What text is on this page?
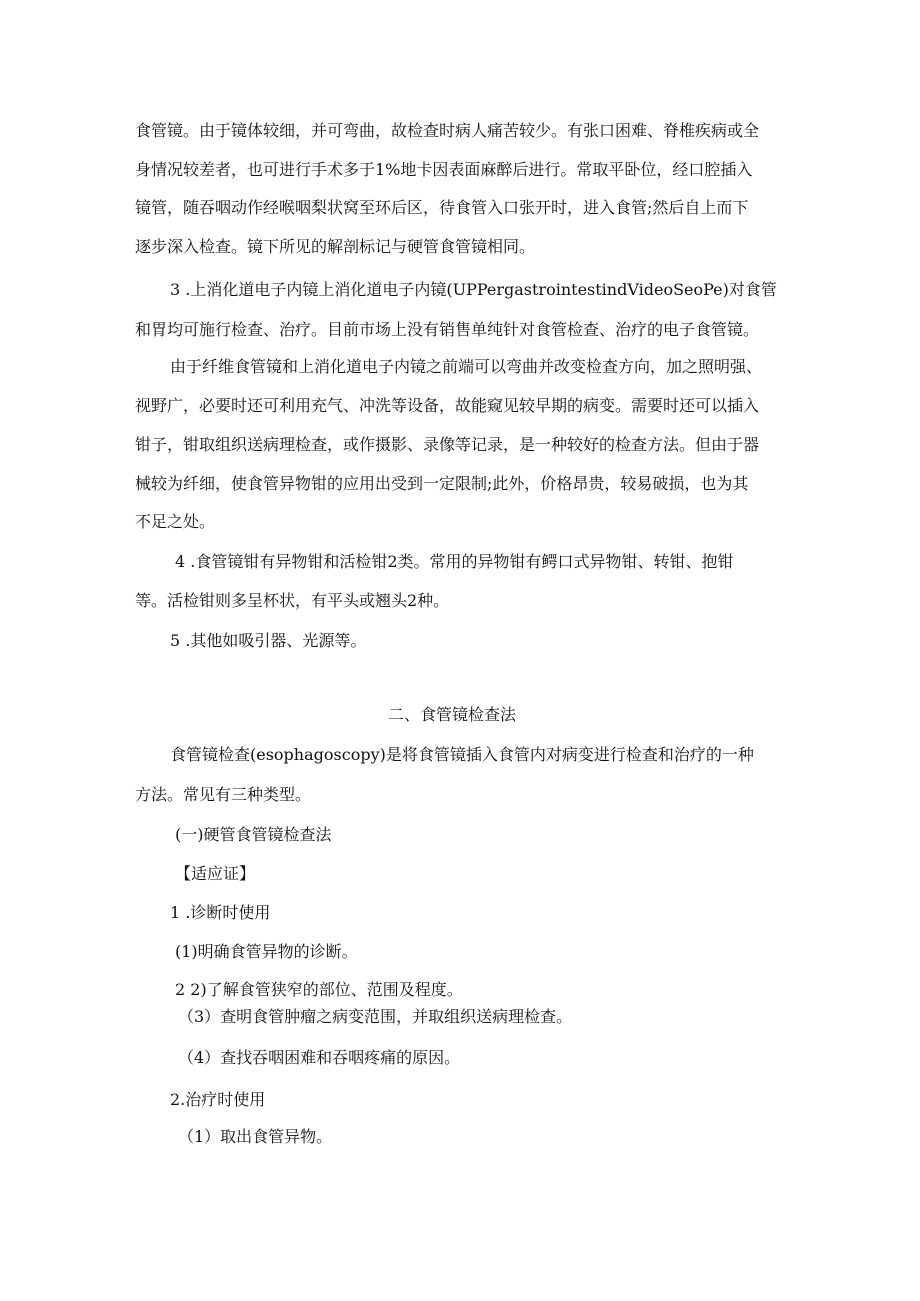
食管镜。由于镜体较细，并可弯曲，故检查时病人痛苦较少。有张口困难、脊椎疾病或全
身情况较差者，也可进行手术多于1%地卡因表面麻醉后进行。常取平卧位，经口腔插入
镜管，随吞咽动作经喉咽梨状窝至环后区，待食管入口张开时，进入食管;然后自上而下
逐步深入检查。镜下所见的解剖标记与硬管食管镜相同。
3 .上消化道电子内镜上消化道电子内镜(UPPergastrointestindVideoSeoPe)对食管
和胃均可施行检查、治疗。目前市场上没有销售单纯针对食管检查、治疗的电子食管镜。
由于纤维食管镜和上消化道电子内镜之前端可以弯曲并改变检查方向，加之照明强、
视野广，必要时还可利用充气、冲洗等设备，故能窥见较早期的病变。需要时还可以插入
钳子，钳取组织送病理检查，或作摄影、录像等记录，是一种较好的检查方法。但由于器
械较为纤细，使食管异物钳的应用出受到一定限制;此外，价格昂贵，较易破损，也为其
不足之处。
4 .食管镜钳有异物钳和活检钳2类。常用的异物钳有鳄口式异物钳、转钳、抱钳
等。活检钳则多呈杯状，有平头或翘头2种。
5 .其他如吸引器、光源等。
二、食管镜检查法
食管镜检查(esophagoscopy)是将食管镜插入食管内对病变进行检查和治疗的一种
方法。常见有三种类型。
(一)硬管食管镜检查法
【适应证】
1 .诊断时使用
(1)明确食管异物的诊断。
2 2)了解食管狭窄的部位、范围及程度。
（3）查明食管肿瘤之病变范围，并取组织送病理检查。
（4）查找吞咽困难和吞咽疼痛的原因。
2.治疗时使用
（1）取出食管异物。
